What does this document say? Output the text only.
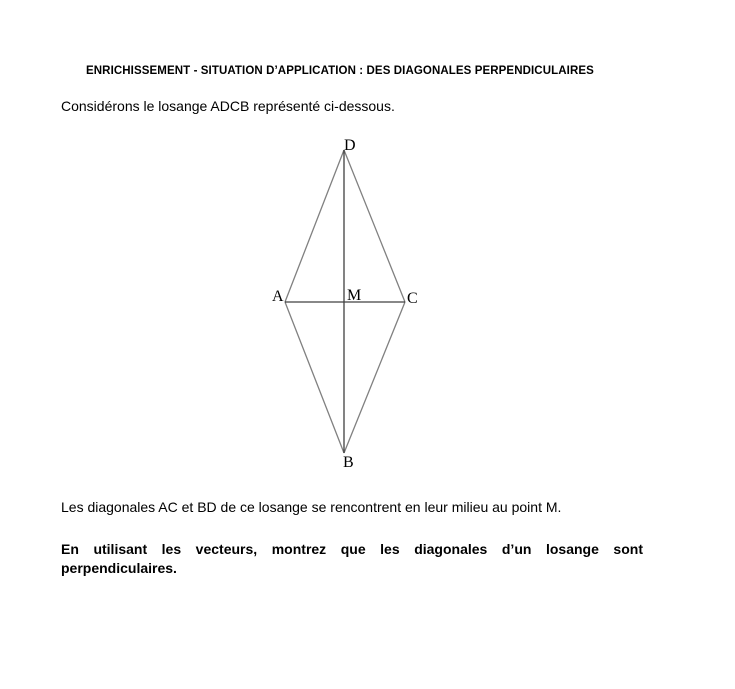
ENRICHISSEMENT - SITUATION D’APPLICATION : DES DIAGONALES PERPENDICULAIRES
Considérons le losange ADCB représenté ci-dessous.
D
A	M	C
B
Les diagonales AC et BD de ce losange se rencontrent en leur milieu au point M.
En utilisant les vecteurs, montrez que les diagonales d’un losange sont perpendiculaires.
